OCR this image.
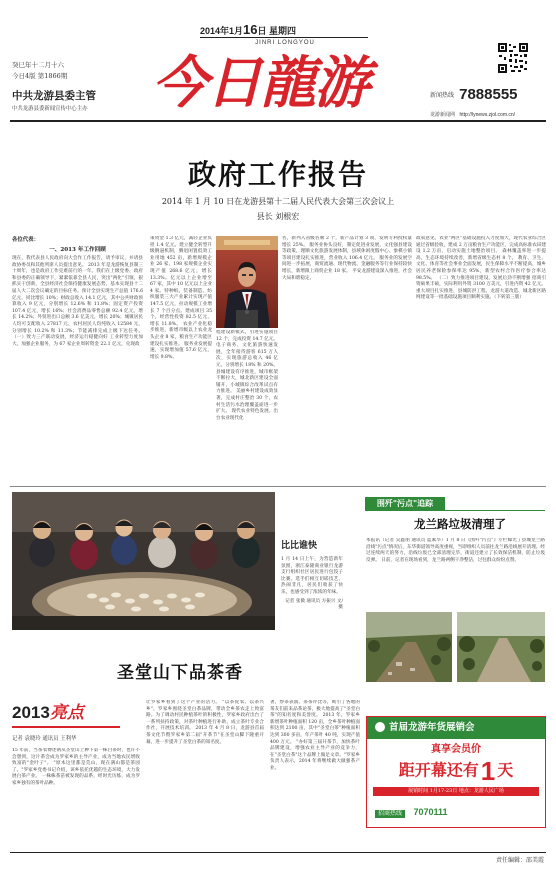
2014年1月16日 星期四
JINRI LONGYOU
今日龍游
癸巳年十二月十六
今日4版 第1866期
中共龙游县委主管
中共龙游县委新闻宣传中心主办
新闻热线 7888555
龙游新闻网 http://lynews.zjol.com.cn/
政府工作报告
2014 年 1 月 10 日在龙游县第十二届人民代表大会第三次会议上
县长 刘根宏
各位代表：
一、2013 年工作回顾

现在，我代表县人民政府向大会作工作报告，请予审议，并请县政协委员和其他列席人员提出意见。 2013 年是龙游恢复县制三十周年，也是政府工作克难前行的一年。我们在上级党委、政府和县委的正确领导下，紧紧依靠全县人民，突出"两化"引领，狠抓实干创新，全县经济社会保持健康发展态势，基本实现县十二届人大二次会议确定的目标任务。预计全县实现生产总值 176.6 亿元，同比增长 10%；财政总收入 14.1 亿元，其中公共财政预算收入 9 亿元，分别增长 12.6% 和 11.8%；固定资产投资 107.4 亿元，增长 16%；社会消费品零售总额 92.4 亿元，增长 14.2%；外贸进出口总额 3.6 亿美元，增长 20%；城镇居民人均可支配收入 27817 元、农村居民人均纯收入 12584 元，分别增长 10.2% 和 11.3%；节能减排完成上级下达任务。 （一）致力三产联动发展，经济运行稳健向好 工业转型力度加大。加强企业服务，为 67 家企业周转资金 22.1 亿元，兑现政

策资金 1.3 亿元，减轻企业负担 1.4 亿元。建立健全转型升级倒逼机制，腾退闲置低效工业用地 452 亩，新增规模企业 26 家，198 家规模企业实现产值 268.6 亿元，增长 13.3%。亿元以上企业增至 67 家，其中 10 亿元以上企业 4 家。特种纸、装备制造、纺织服装三大产业累计实现产值 147.5 亿元，拉动规模工业增长 7 个百分点。建成项目 35 个，经营性投资 82.5 亿元，增长 11.8%。 农业产业化稳步推进，新增市级以上农业龙头企业 8 家，粮食生产功能区建设扎实推进。 服务业发展提速，实现增加值 57.6 亿元，增长 9.8%。

程建设新模式，引进实施项目 12 个，完成投资 14.7 亿元。 电子商务、文化旅游快速发展，全年接待游客 615 万人次，实现旅游总收入 46 亿元，分别增长 18% 和 20%。 县城建设有序推进，城市框架不断拉大，城北新区建设全面铺开，小城镇综合改革试点有力推进。 美丽乡村建设成效显著，完成村庄整治 30 个，农村生活污水治理覆盖面进一步扩大。 现代农业特色发展。出台农业现代化

名，新列入省级名牌 2 个，新产品计划 3 项，发明专利授权量增长 25%。 服务业协头良好，制定促进业发展，文化强县建设等政策，理顺文化旅游发展体制，县域休闲度假中心、象棋小镇等项目建设扎实推进，营业收入 106.4 亿元。 服务业的发展空间进一步拓展，商贸流通、现代物流、金融服务等行业保持较快增长，新增限上商贸企业 18 家。 平安龙游建设深入推进，社会大局和谐稳定。

政策意见，农业"两区"基础设施投入力度加大，现代农业综合区通过省级验收，建成 2 万亩粮食生产功能区，完成高标准农田建设 1.2 万亩，启动实施土地整治项目。 森林覆盖率进一步提高，生态环境持续改善，新增省级生态村 8 个。 教育、卫生、文化、体育等社会事业全面发展，民生保障水平不断提高，城乡居民养老保险参保率达 95%，新型农村合作医疗参合率达 98.5%。 （二）致力推进项目建设，发展后劲不断增强 招商引资硕果丰硕，实际利用外资 3100 万美元，引进内资 42 亿元。 重大项目扎实推进，县城防洪工程、龙游大道改造、城北新区路网建设等一批基础设施项目顺利实施。（下转第三版）

比比谁快

1 月 14 日上午，为营造新年氛围，浙江泰隆商业银行龙游支行组织社区居民进行包饺子比赛。选手们相互切磋技艺，热闹非凡，居民们收获了快乐，也感受到了浓浓的年味。

记者 张微 通讯员 方振兴 文/摄
围歼"污点"追踪
龙兰路垃圾清理了

本报讯（记者 吴鑫朋 通讯员 蓝素华）1 月 8 日《围歼"污点"》专栏曝光了县城龙兰路沿线"污点"情况后，东华街道领导高度重视，当即组织人员前往龙兰路沿线展开清理。经过连续两天的努力，沿线垃圾已全部清理完毕，街道还建立了长效保洁机制，防止垃圾反弹。 日前，记者在现场看到，龙兰路两侧干净整洁，过往群众纷纷点赞。

圣堂山下品茶香
2013亮点
记者 袁晓玲 通讯员 王利华

15 年前，当茶农傅述钢从圣堂山上种下第一株白茶时，也许不会想到，这片茶会成为罗家乡的主导产业，成为当地农民增收致富的"金叶子"。 "原本这里都是荒山，现在满山都是茶园了。"罗家乡党委书记介绍，该乡依托优越的生态环境，大力发展白茶产业。 一株株茶苗被发现的品系，经时光历练，成为罗家乡独有的茶叶品种。

让罗家乡看到了这个产业的活力。 "以茶促农、以茶兴乡"，罗家乡围绕圣堂白茶品牌，带动全乡茶农走上致富路。为了调动村民种植茶叶的积极性，罗家乡政府出台了一系列扶持政策，对茶叶种植进行补助，成立茶叶专业合作社，开展技术培训。 2013 年 4 月 8 日，龙游县首届茶文化节暨罗家乡第二届"开茶节"在圣堂山脚下隆重开幕，进一步提升了圣堂白茶的知名度。

著，炒茶表演、茶茶评比等，吸引了各地的茶友们前来品茶论茶，极大地提高了"圣堂白茶"的知名度和美誉度。 2013 年，罗家乡新增茶叶种植面积 120 亩，全乡茶叶种植面积达到 2100 亩，其中"圣堂白茶"种植面积达到 300 多亩，年产茶叶 40 吨，实现产值 400 万元。 "办好第三届开茶节，加快茶叶品牌建设，增强农业主导产业的竞争力，在"圣堂白茶"这个品牌上做足文章。"罗家乡负责人表示，2014 年将继续做大做强茶产业。

首届龙游年货展销会
真享会员价
距开幕还有1 天
展销时间 1月17-23日 地点：龙游人民广场
招商热线 7070111
责任编辑：邵美霞
